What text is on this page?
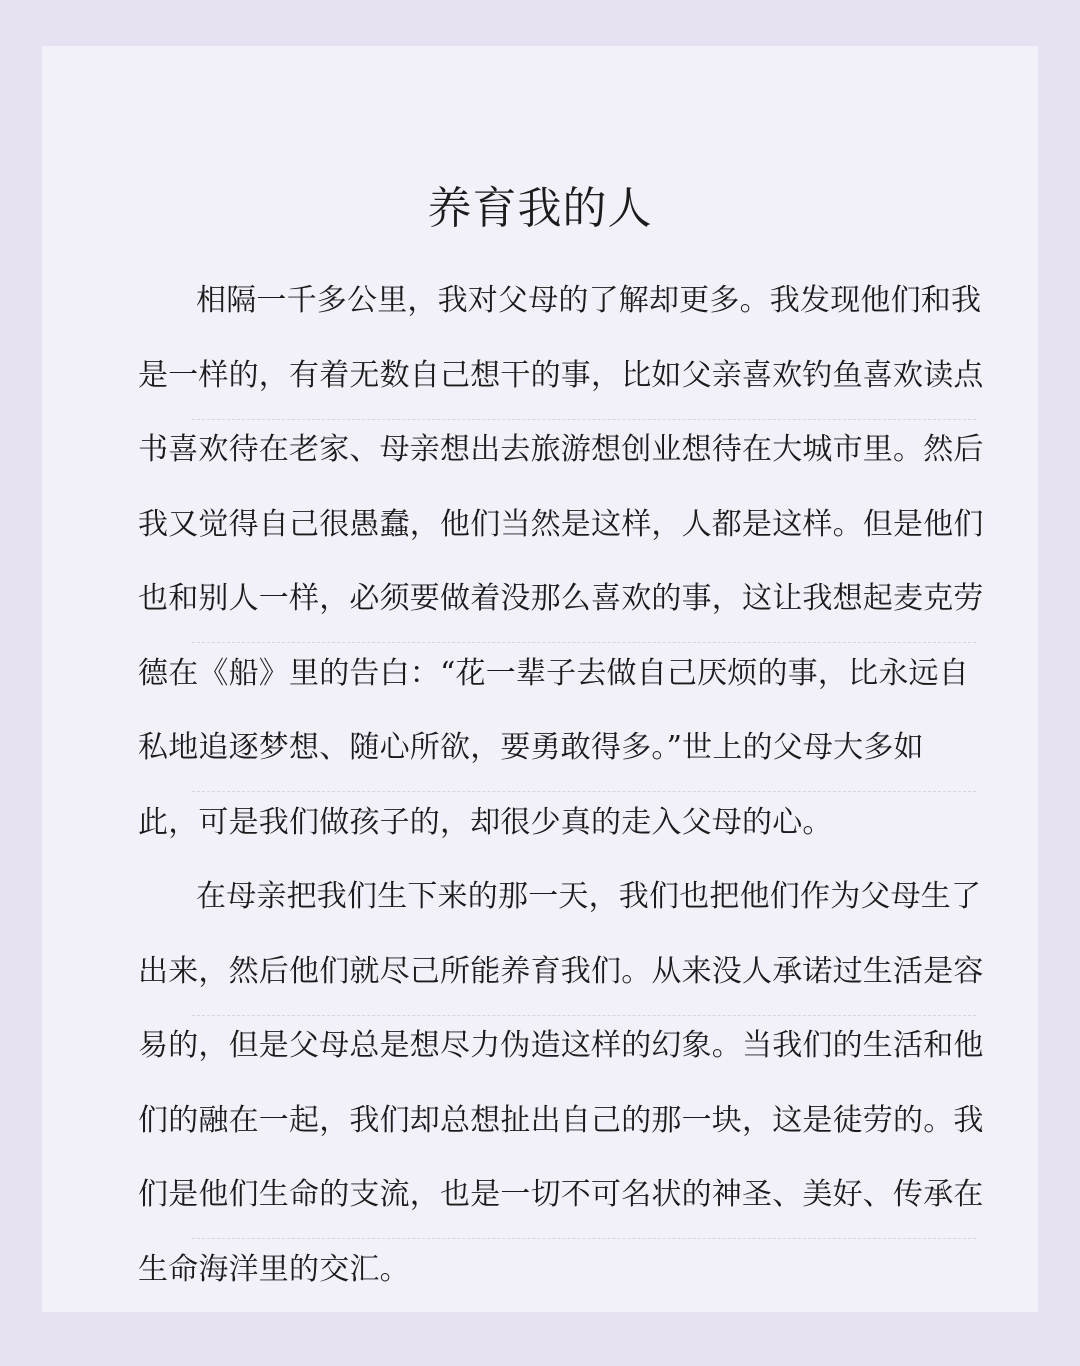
养育我的人
相隔一千多公里，我对父母的了解却更多。我发现他们和我
是一样的，有着无数自己想干的事，比如父亲喜欢钓鱼喜欢读点
书喜欢待在老家、母亲想出去旅游想创业想待在大城市里。然后
我又觉得自己很愚蠢，他们当然是这样，人都是这样。但是他们
也和别人一样，必须要做着没那么喜欢的事，这让我想起麦克劳
德在《船》里的告白：“花一辈子去做自己厌烦的事，比永远自
私地追逐梦想、随心所欲，要勇敢得多。”世上的父母大多如
此，可是我们做孩子的，却很少真的走入父母的心。
在母亲把我们生下来的那一天，我们也把他们作为父母生了
出来，然后他们就尽己所能养育我们。从来没人承诺过生活是容
易的，但是父母总是想尽力伪造这样的幻象。当我们的生活和他
们的融在一起，我们却总想扯出自己的那一块，这是徒劳的。我
们是他们生命的支流，也是一切不可名状的神圣、美好、传承在
生命海洋里的交汇。
